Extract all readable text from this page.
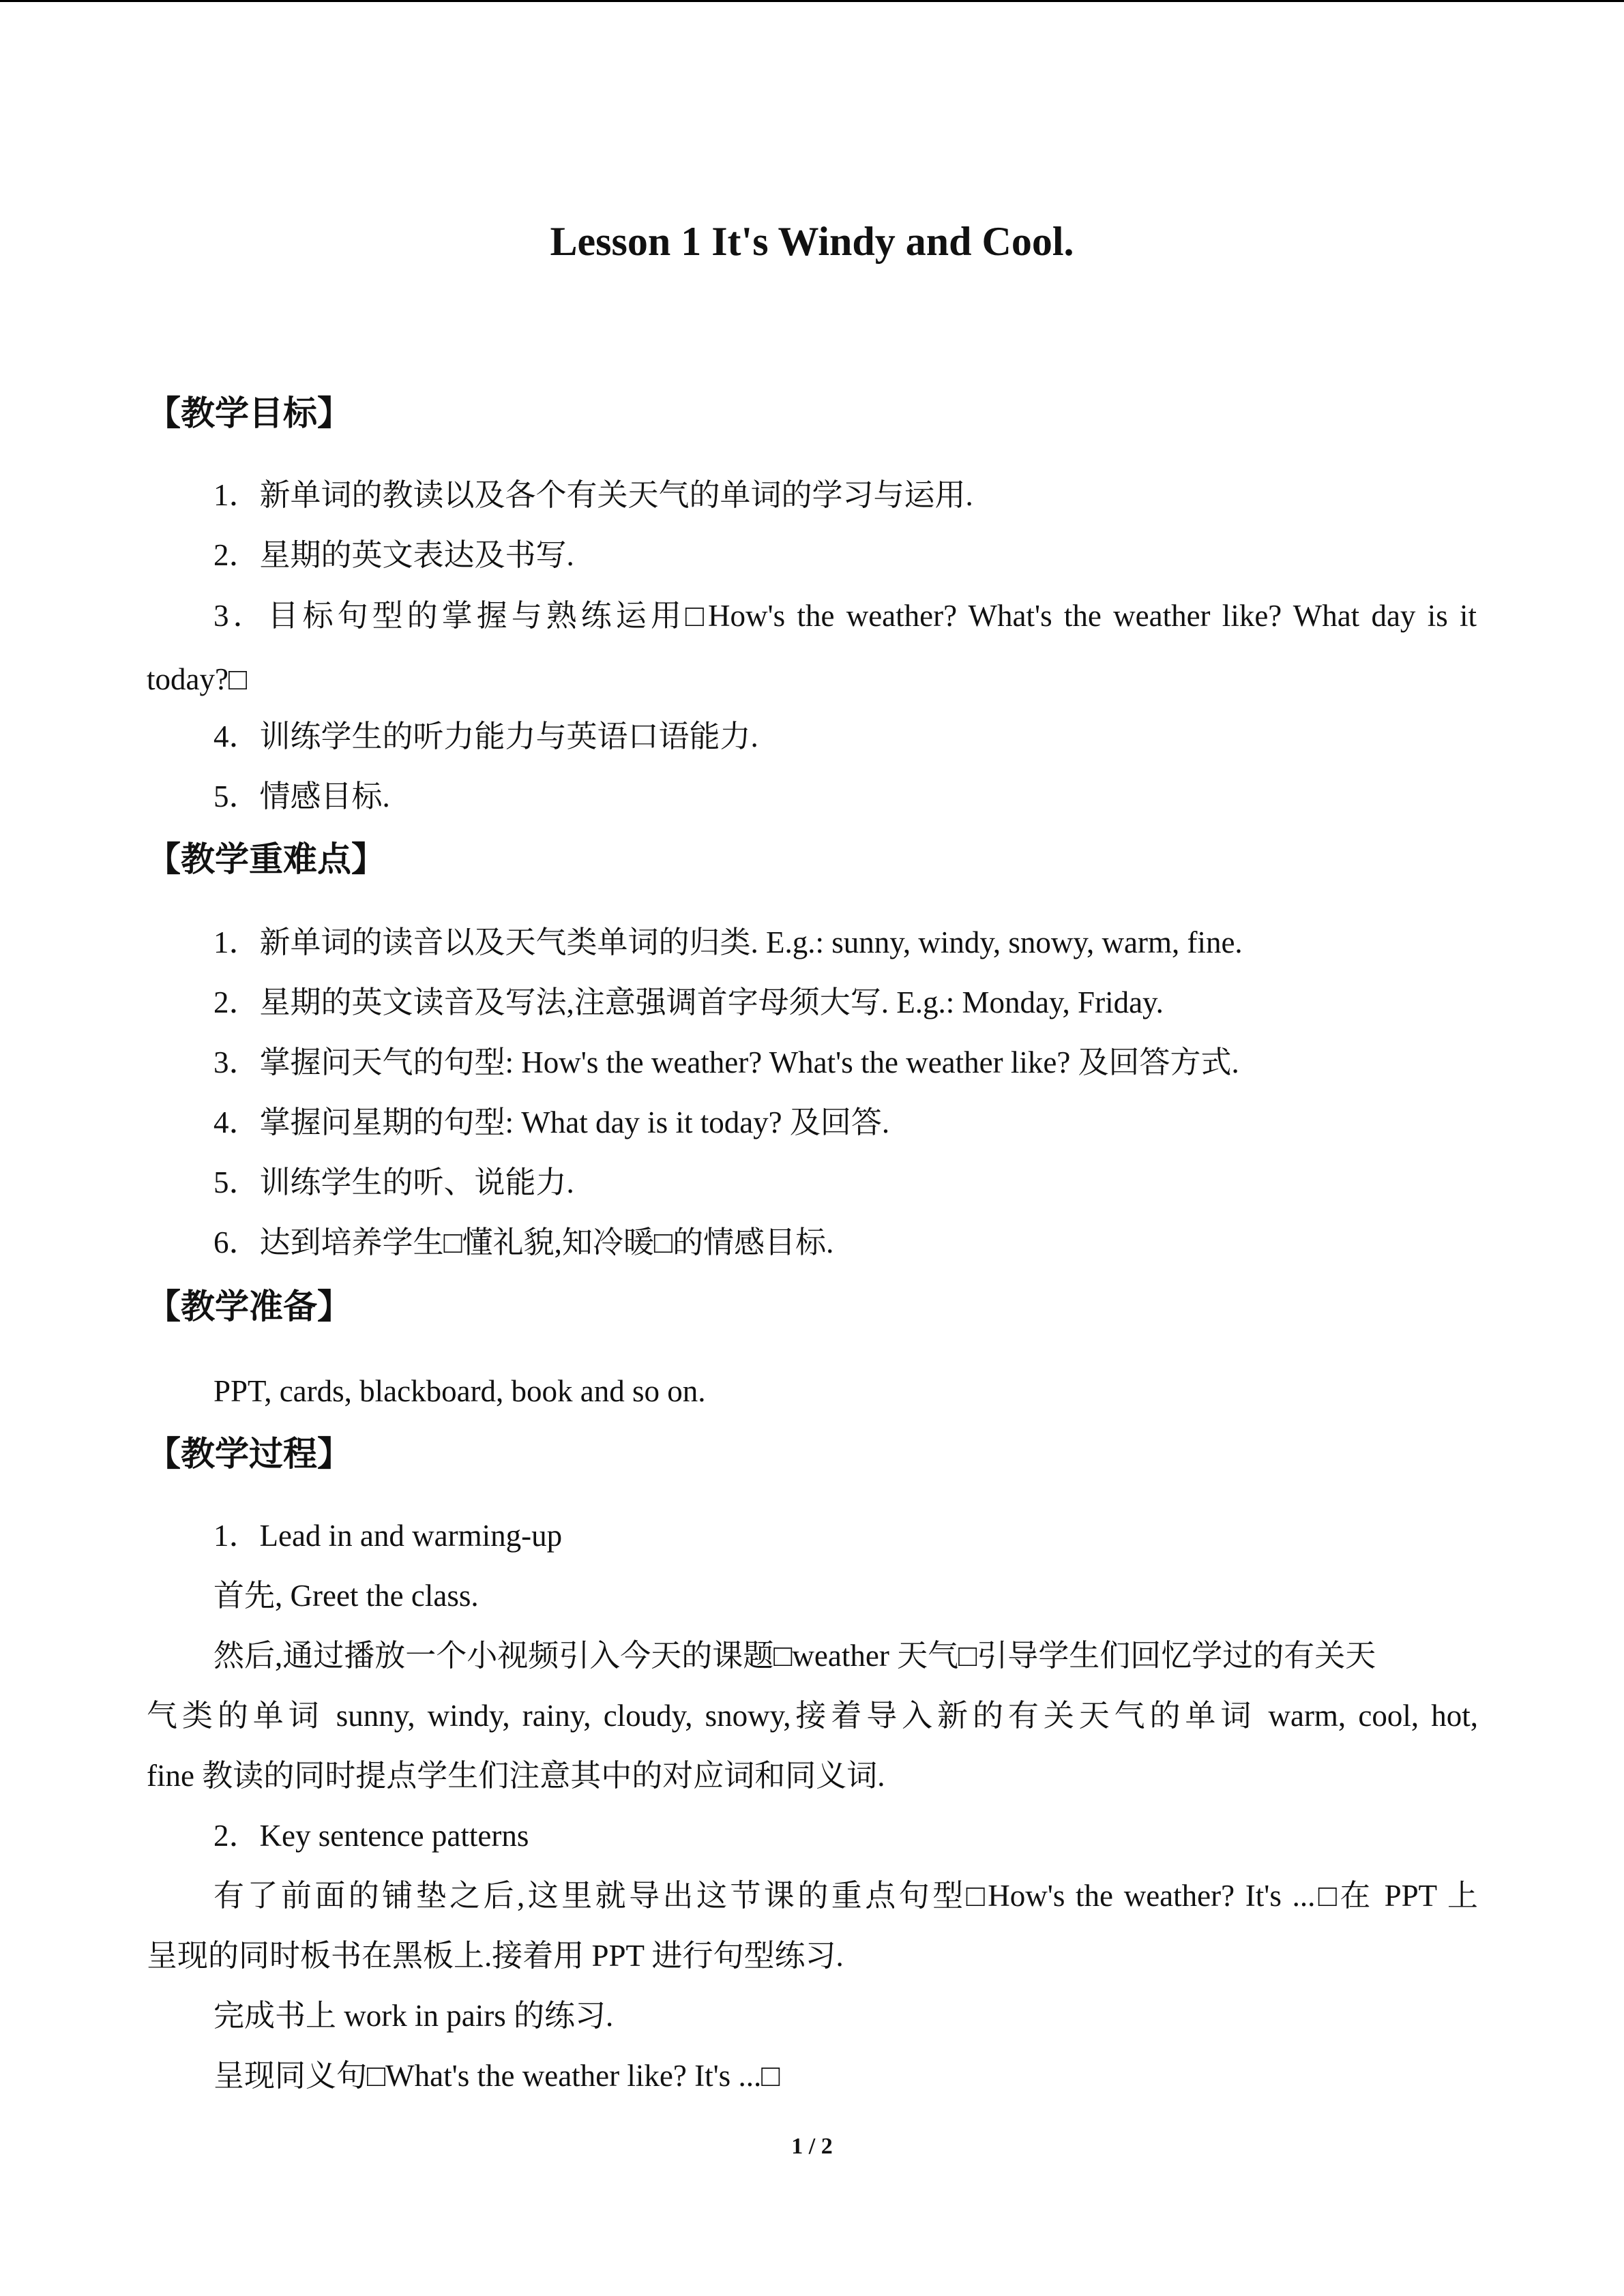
Lesson 1 It's Windy and Cool.
【教学目标】
1．新单词的教读以及各个有关天气的单词的学习与运用.
2．星期的英文表达及书写.
3．目标句型的掌握与熟练运用□How's the weather? What's the weather like? What day is it
today?□
4．训练学生的听力能力与英语口语能力.
5．情感目标.
【教学重难点】
1．新单词的读音以及天气类单词的归类. E.g.: sunny, windy, snowy, warm, fine.
2．星期的英文读音及写法,注意强调首字母须大写. E.g.: Monday, Friday.
3．掌握问天气的句型: How's the weather? What's the weather like? 及回答方式.
4．掌握问星期的句型: What day is it today? 及回答.
5．训练学生的听、说能力.
6．达到培养学生□懂礼貌,知冷暖□的情感目标.
【教学准备】
PPT, cards, blackboard, book and so on.
【教学过程】
1．Lead in and warming-up
首先, Greet the class.
然后,通过播放一个小视频引入今天的课题□weather 天气□引导学生们回忆学过的有关天
气类的单词 sunny, windy, rainy, cloudy, snowy,接着导入新的有关天气的单词 warm, cool, hot,
fine 教读的同时提点学生们注意其中的对应词和同义词.
2．Key sentence patterns
有了前面的铺垫之后,这里就导出这节课的重点句型□How's the weather? It's ...□在 PPT 上
呈现的同时板书在黑板上.接着用 PPT 进行句型练习.
完成书上 work in pairs 的练习.
呈现同义句□What's the weather like? It's ...□
1 / 2
